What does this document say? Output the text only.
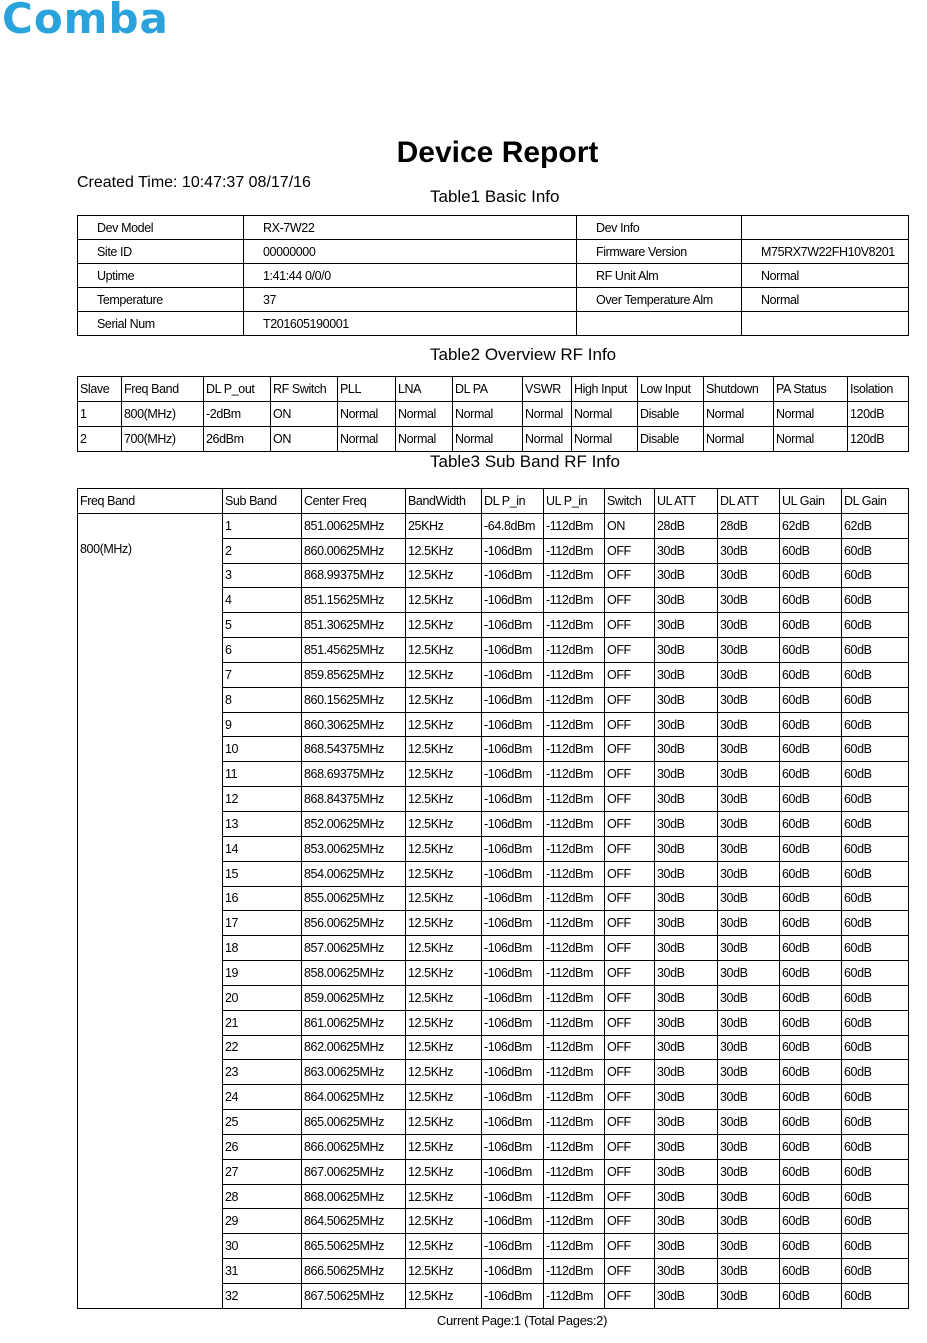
Comba
Device Report
Created Time: 10:47:37 08/17/16
Table1 Basic Info
Dev Model	RX-7W22	Dev Info	
Site ID	00000000	Firmware Version	M75RX7W22FH10V8201
Uptime	1:41:44 0/0/0	RF Unit Alm	Normal
Temperature	37	Over Temperature Alm	Normal
Serial Num	T201605190001		
Table2 Overview RF Info
Slave	Freq Band	DL P_out	RF Switch	PLL	LNA	DL PA	VSWR	High Input	Low Input	Shutdown	PA Status	Isolation
1	800(MHz)	-2dBm	ON	Normal	Normal	Normal	Normal	Normal	Disable	Normal	Normal	120dB
2	700(MHz)	26dBm	ON	Normal	Normal	Normal	Normal	Normal	Disable	Normal	Normal	120dB
Table3 Sub Band RF Info
Freq Band	Sub Band	Center Freq	BandWidth	DL P_in	UL P_in	Switch	UL ATT	DL ATT	UL Gain	DL Gain
800(MHz)	1	851.00625MHz	25KHz	-64.8dBm	-112dBm	ON	28dB	28dB	62dB	62dB
	2	860.00625MHz	12.5KHz	-106dBm	-112dBm	OFF	30dB	30dB	60dB	60dB
	3	868.99375MHz	12.5KHz	-106dBm	-112dBm	OFF	30dB	30dB	60dB	60dB
	4	851.15625MHz	12.5KHz	-106dBm	-112dBm	OFF	30dB	30dB	60dB	60dB
	5	851.30625MHz	12.5KHz	-106dBm	-112dBm	OFF	30dB	30dB	60dB	60dB
	6	851.45625MHz	12.5KHz	-106dBm	-112dBm	OFF	30dB	30dB	60dB	60dB
	7	859.85625MHz	12.5KHz	-106dBm	-112dBm	OFF	30dB	30dB	60dB	60dB
	8	860.15625MHz	12.5KHz	-106dBm	-112dBm	OFF	30dB	30dB	60dB	60dB
	9	860.30625MHz	12.5KHz	-106dBm	-112dBm	OFF	30dB	30dB	60dB	60dB
	10	868.54375MHz	12.5KHz	-106dBm	-112dBm	OFF	30dB	30dB	60dB	60dB
	11	868.69375MHz	12.5KHz	-106dBm	-112dBm	OFF	30dB	30dB	60dB	60dB
	12	868.84375MHz	12.5KHz	-106dBm	-112dBm	OFF	30dB	30dB	60dB	60dB
	13	852.00625MHz	12.5KHz	-106dBm	-112dBm	OFF	30dB	30dB	60dB	60dB
	14	853.00625MHz	12.5KHz	-106dBm	-112dBm	OFF	30dB	30dB	60dB	60dB
	15	854.00625MHz	12.5KHz	-106dBm	-112dBm	OFF	30dB	30dB	60dB	60dB
	16	855.00625MHz	12.5KHz	-106dBm	-112dBm	OFF	30dB	30dB	60dB	60dB
	17	856.00625MHz	12.5KHz	-106dBm	-112dBm	OFF	30dB	30dB	60dB	60dB
	18	857.00625MHz	12.5KHz	-106dBm	-112dBm	OFF	30dB	30dB	60dB	60dB
	19	858.00625MHz	12.5KHz	-106dBm	-112dBm	OFF	30dB	30dB	60dB	60dB
	20	859.00625MHz	12.5KHz	-106dBm	-112dBm	OFF	30dB	30dB	60dB	60dB
	21	861.00625MHz	12.5KHz	-106dBm	-112dBm	OFF	30dB	30dB	60dB	60dB
	22	862.00625MHz	12.5KHz	-106dBm	-112dBm	OFF	30dB	30dB	60dB	60dB
	23	863.00625MHz	12.5KHz	-106dBm	-112dBm	OFF	30dB	30dB	60dB	60dB
	24	864.00625MHz	12.5KHz	-106dBm	-112dBm	OFF	30dB	30dB	60dB	60dB
	25	865.00625MHz	12.5KHz	-106dBm	-112dBm	OFF	30dB	30dB	60dB	60dB
	26	866.00625MHz	12.5KHz	-106dBm	-112dBm	OFF	30dB	30dB	60dB	60dB
	27	867.00625MHz	12.5KHz	-106dBm	-112dBm	OFF	30dB	30dB	60dB	60dB
	28	868.00625MHz	12.5KHz	-106dBm	-112dBm	OFF	30dB	30dB	60dB	60dB
	29	864.50625MHz	12.5KHz	-106dBm	-112dBm	OFF	30dB	30dB	60dB	60dB
	30	865.50625MHz	12.5KHz	-106dBm	-112dBm	OFF	30dB	30dB	60dB	60dB
	31	866.50625MHz	12.5KHz	-106dBm	-112dBm	OFF	30dB	30dB	60dB	60dB
	32	867.50625MHz	12.5KHz	-106dBm	-112dBm	OFF	30dB	30dB	60dB	60dB
Current Page:1 (Total Pages:2)
